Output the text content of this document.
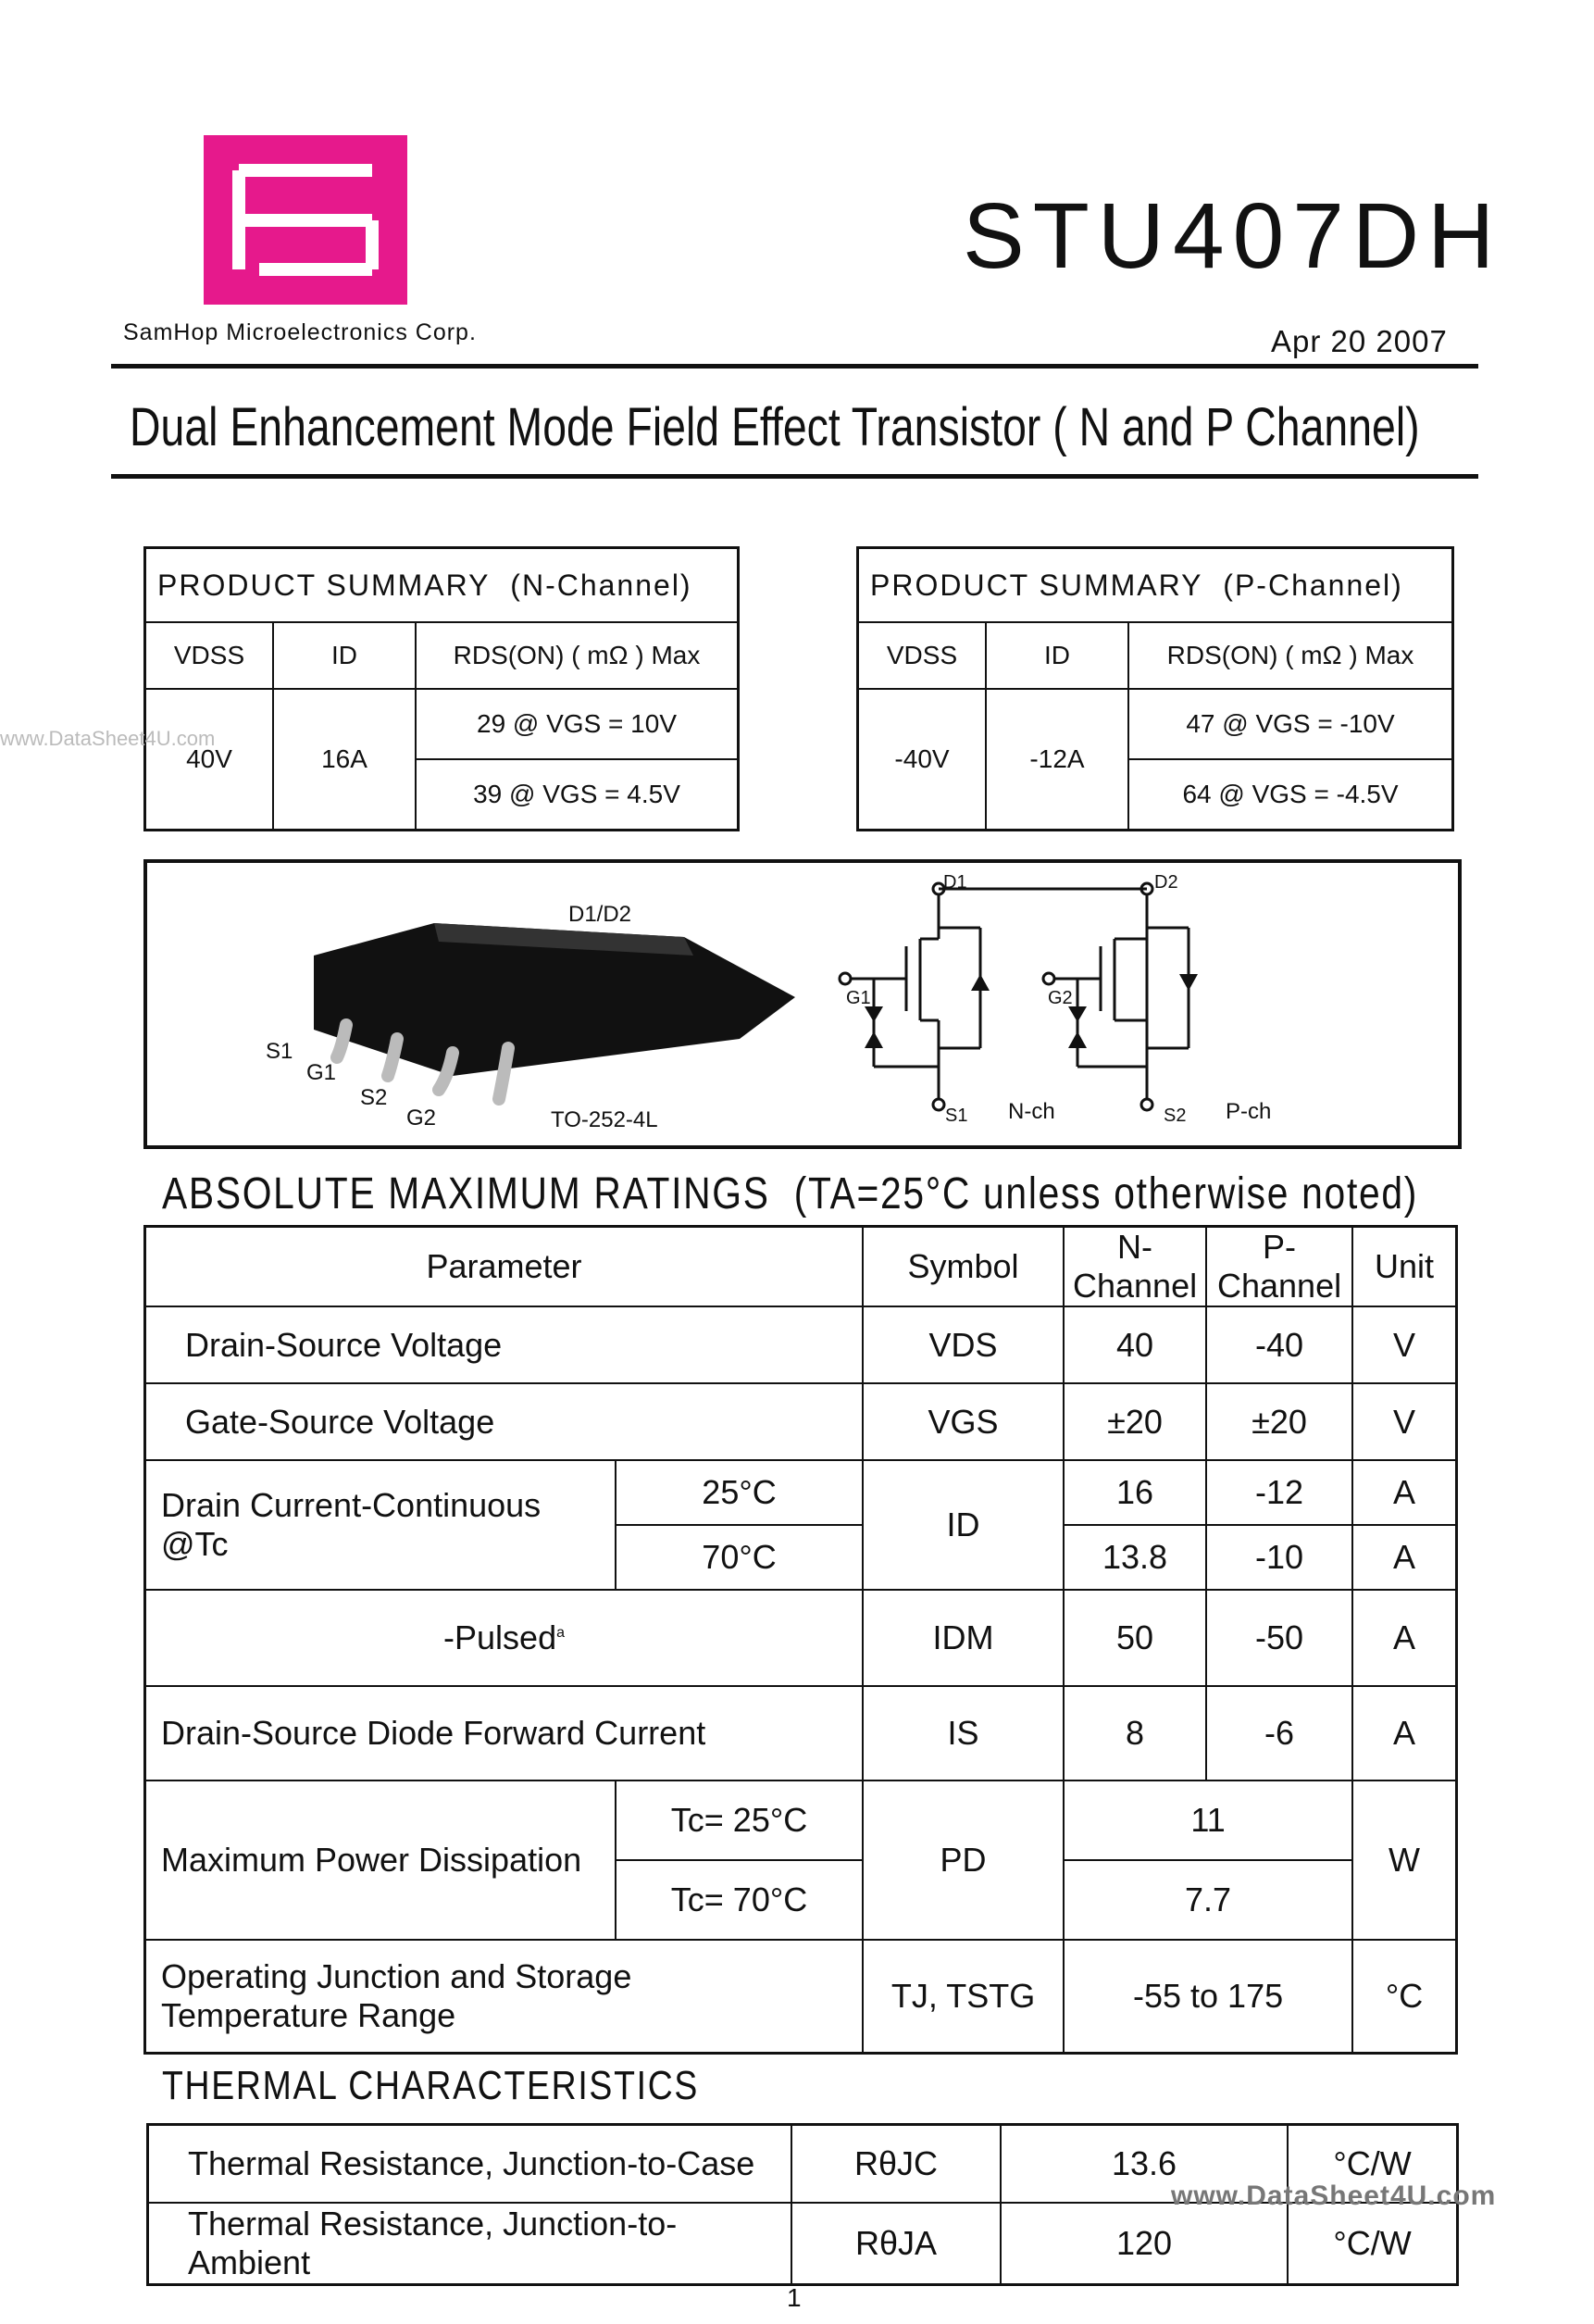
SamHop Microelectronics Corp.
STU407DH
Apr 20 2007
Dual Enhancement Mode Field Effect Transistor ( N and P Channel)
PRODUCT SUMMARY (N-Channel)		
VDSS	ID	RDS(ON) ( mΩ ) Max
40V	16A	29 @ VGS = 10V
		39 @ VGS = 4.5V
PRODUCT SUMMARY (P-Channel)		
VDSS	ID	RDS(ON) ( mΩ ) Max
-40V	-12A	47 @ VGS = -10V
		64 @ VGS = -4.5V
www.DataSheet4U.com
D1/D2
S1
G1
S2
G2	TO-252-4L
D1	D2
G1	G2
S1	S2
N-ch	P-ch
ABSOLUTE MAXIMUM RATINGS (TA=25°C unless otherwise noted)
Parameter		Symbol	N-Channel	P-Channel	Unit
Drain-Source Voltage		VDS	40	-40	V
Gate-Source Voltage		VGS	±20	±20	V
Drain Current-Continuous @Tc	25°C	ID	16	-12	A
	70°C		13.8	-10	A
-Pulsed$^a$		IDM	50	-50	A
Drain-Source Diode Forward Current		IS	8	-6	A
Maximum Power Dissipation	Tc= 25°C	PD	11		W
	Tc= 70°C		7.7		

Operating Junction and Storage
Temperature Range		TJ, TSTG	-55 to 175		°C
THERMAL CHARACTERISTICS
Thermal Resistance, Junction-to-Case	RθJC	13.6	°C/W
Thermal Resistance, Junction-to-Ambient	RθJA	120	°C/W
www.DataSheet4U.com
1
